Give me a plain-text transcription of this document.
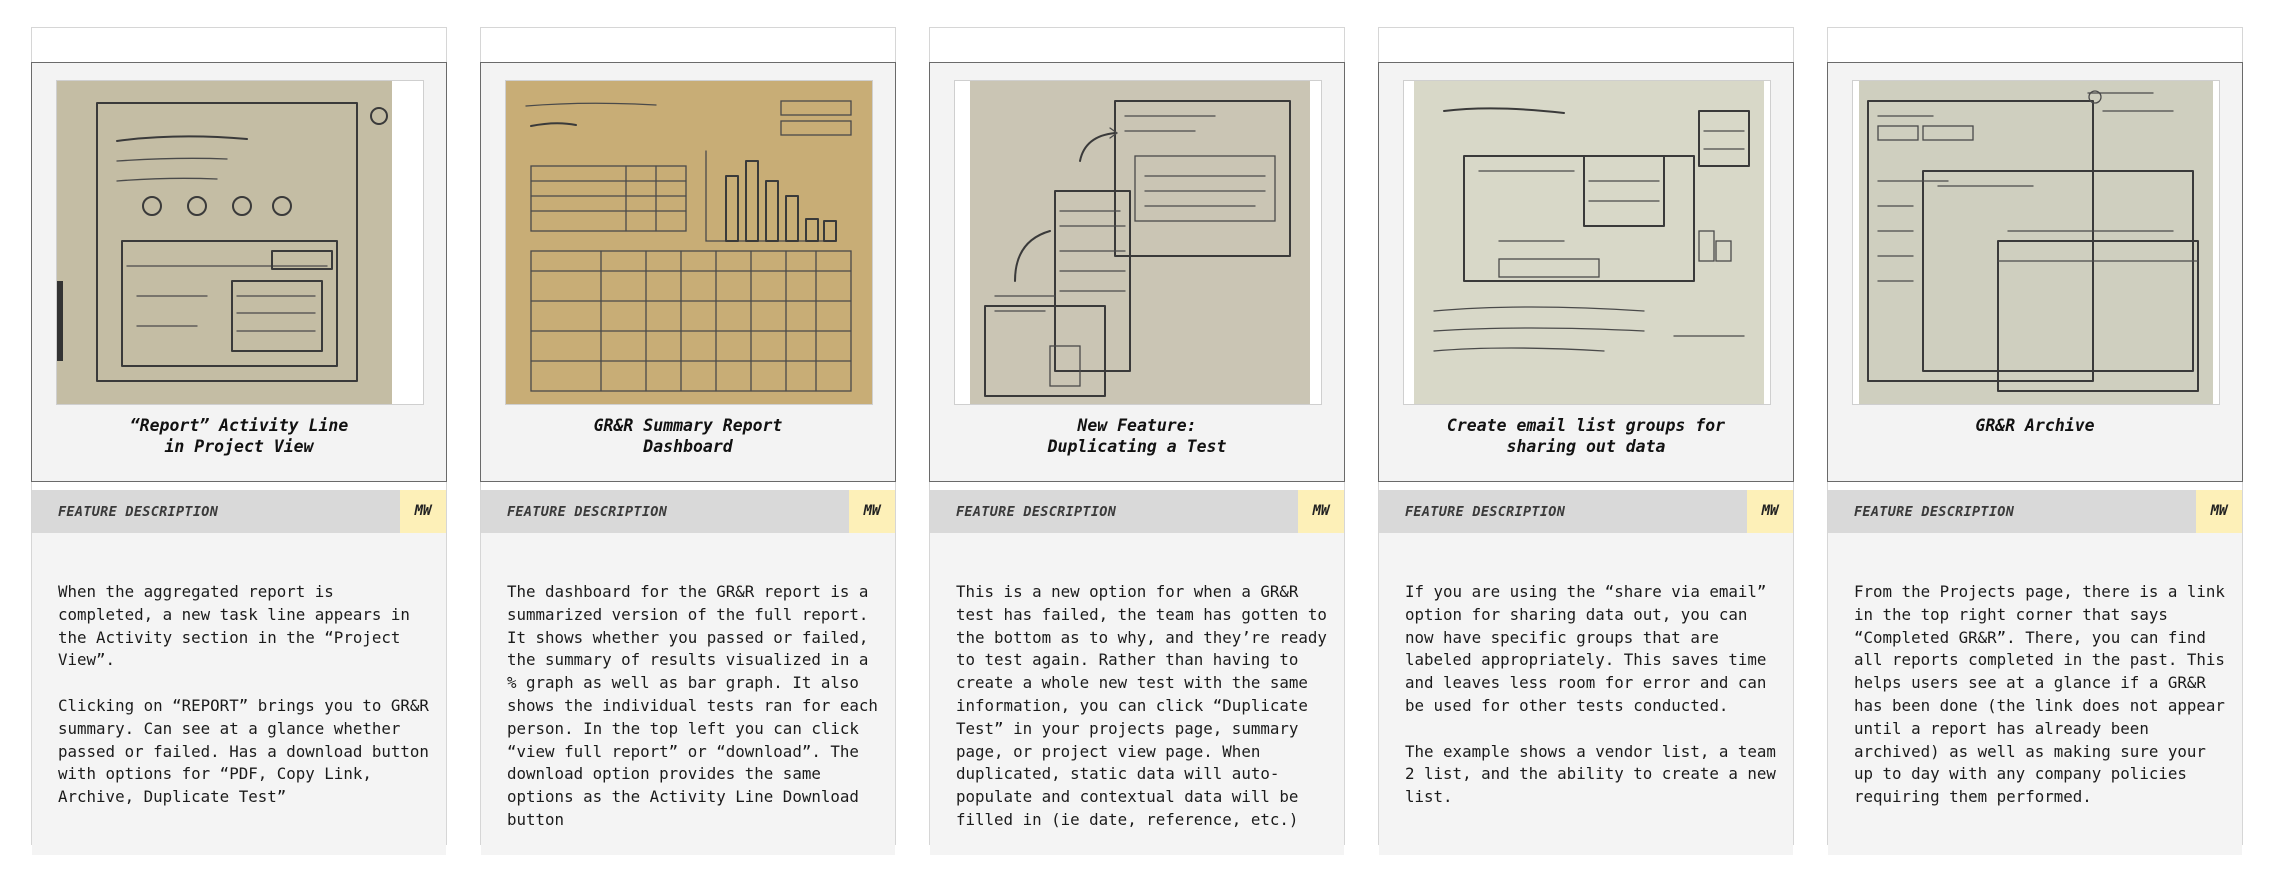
“Report” Activity Line
in Project View
FEATURE DESCRIPTION	MW
When the aggregated report is completed, a new task line appears in the Activity section in the “Project View”.

Clicking on “REPORT” brings you to GR&R summary. Can see at a glance whether passed or failed. Has a download button with options for “PDF, Copy Link, Archive, Duplicate Test”
GR&R Summary Report
Dashboard
FEATURE DESCRIPTION	MW
The dashboard for the GR&R report is a summarized version of the full report. It shows whether you passed or failed, the summary of results visualized in a % graph as well as bar graph. It also shows the individual tests ran for each person. In the top left you can click “view full report” or “download”. The download option provides the same options as the Activity Line Download button
New Feature:
Duplicating a Test
FEATURE DESCRIPTION	MW
This is a new option for when a GR&R test has failed, the team has gotten to the bottom as to why, and they’re ready to test again. Rather than having to create a whole new test with the same information, you can click “Duplicate Test” in your projects page, summary page, or project view page. When duplicated, static data will auto-populate and contextual data will be filled in (ie date, reference, etc.)
Create email list groups for
sharing out data
FEATURE DESCRIPTION	MW
If you are using the “share via email” option for sharing data out, you can now have specific groups that are labeled appropriately. This saves time and leaves less room for error and can be used for other tests conducted.

The example shows a vendor list, a team 2 list, and the ability to create a new list.
GR&R Archive
FEATURE DESCRIPTION	MW
From the Projects page, there is a link in the top right corner that says “Completed GR&R”. There, you can find all reports completed in the past. This helps users see at a glance if a GR&R has been done (the link does not appear until a report has already been archived) as well as making sure your up to day with any company policies requiring them performed.
